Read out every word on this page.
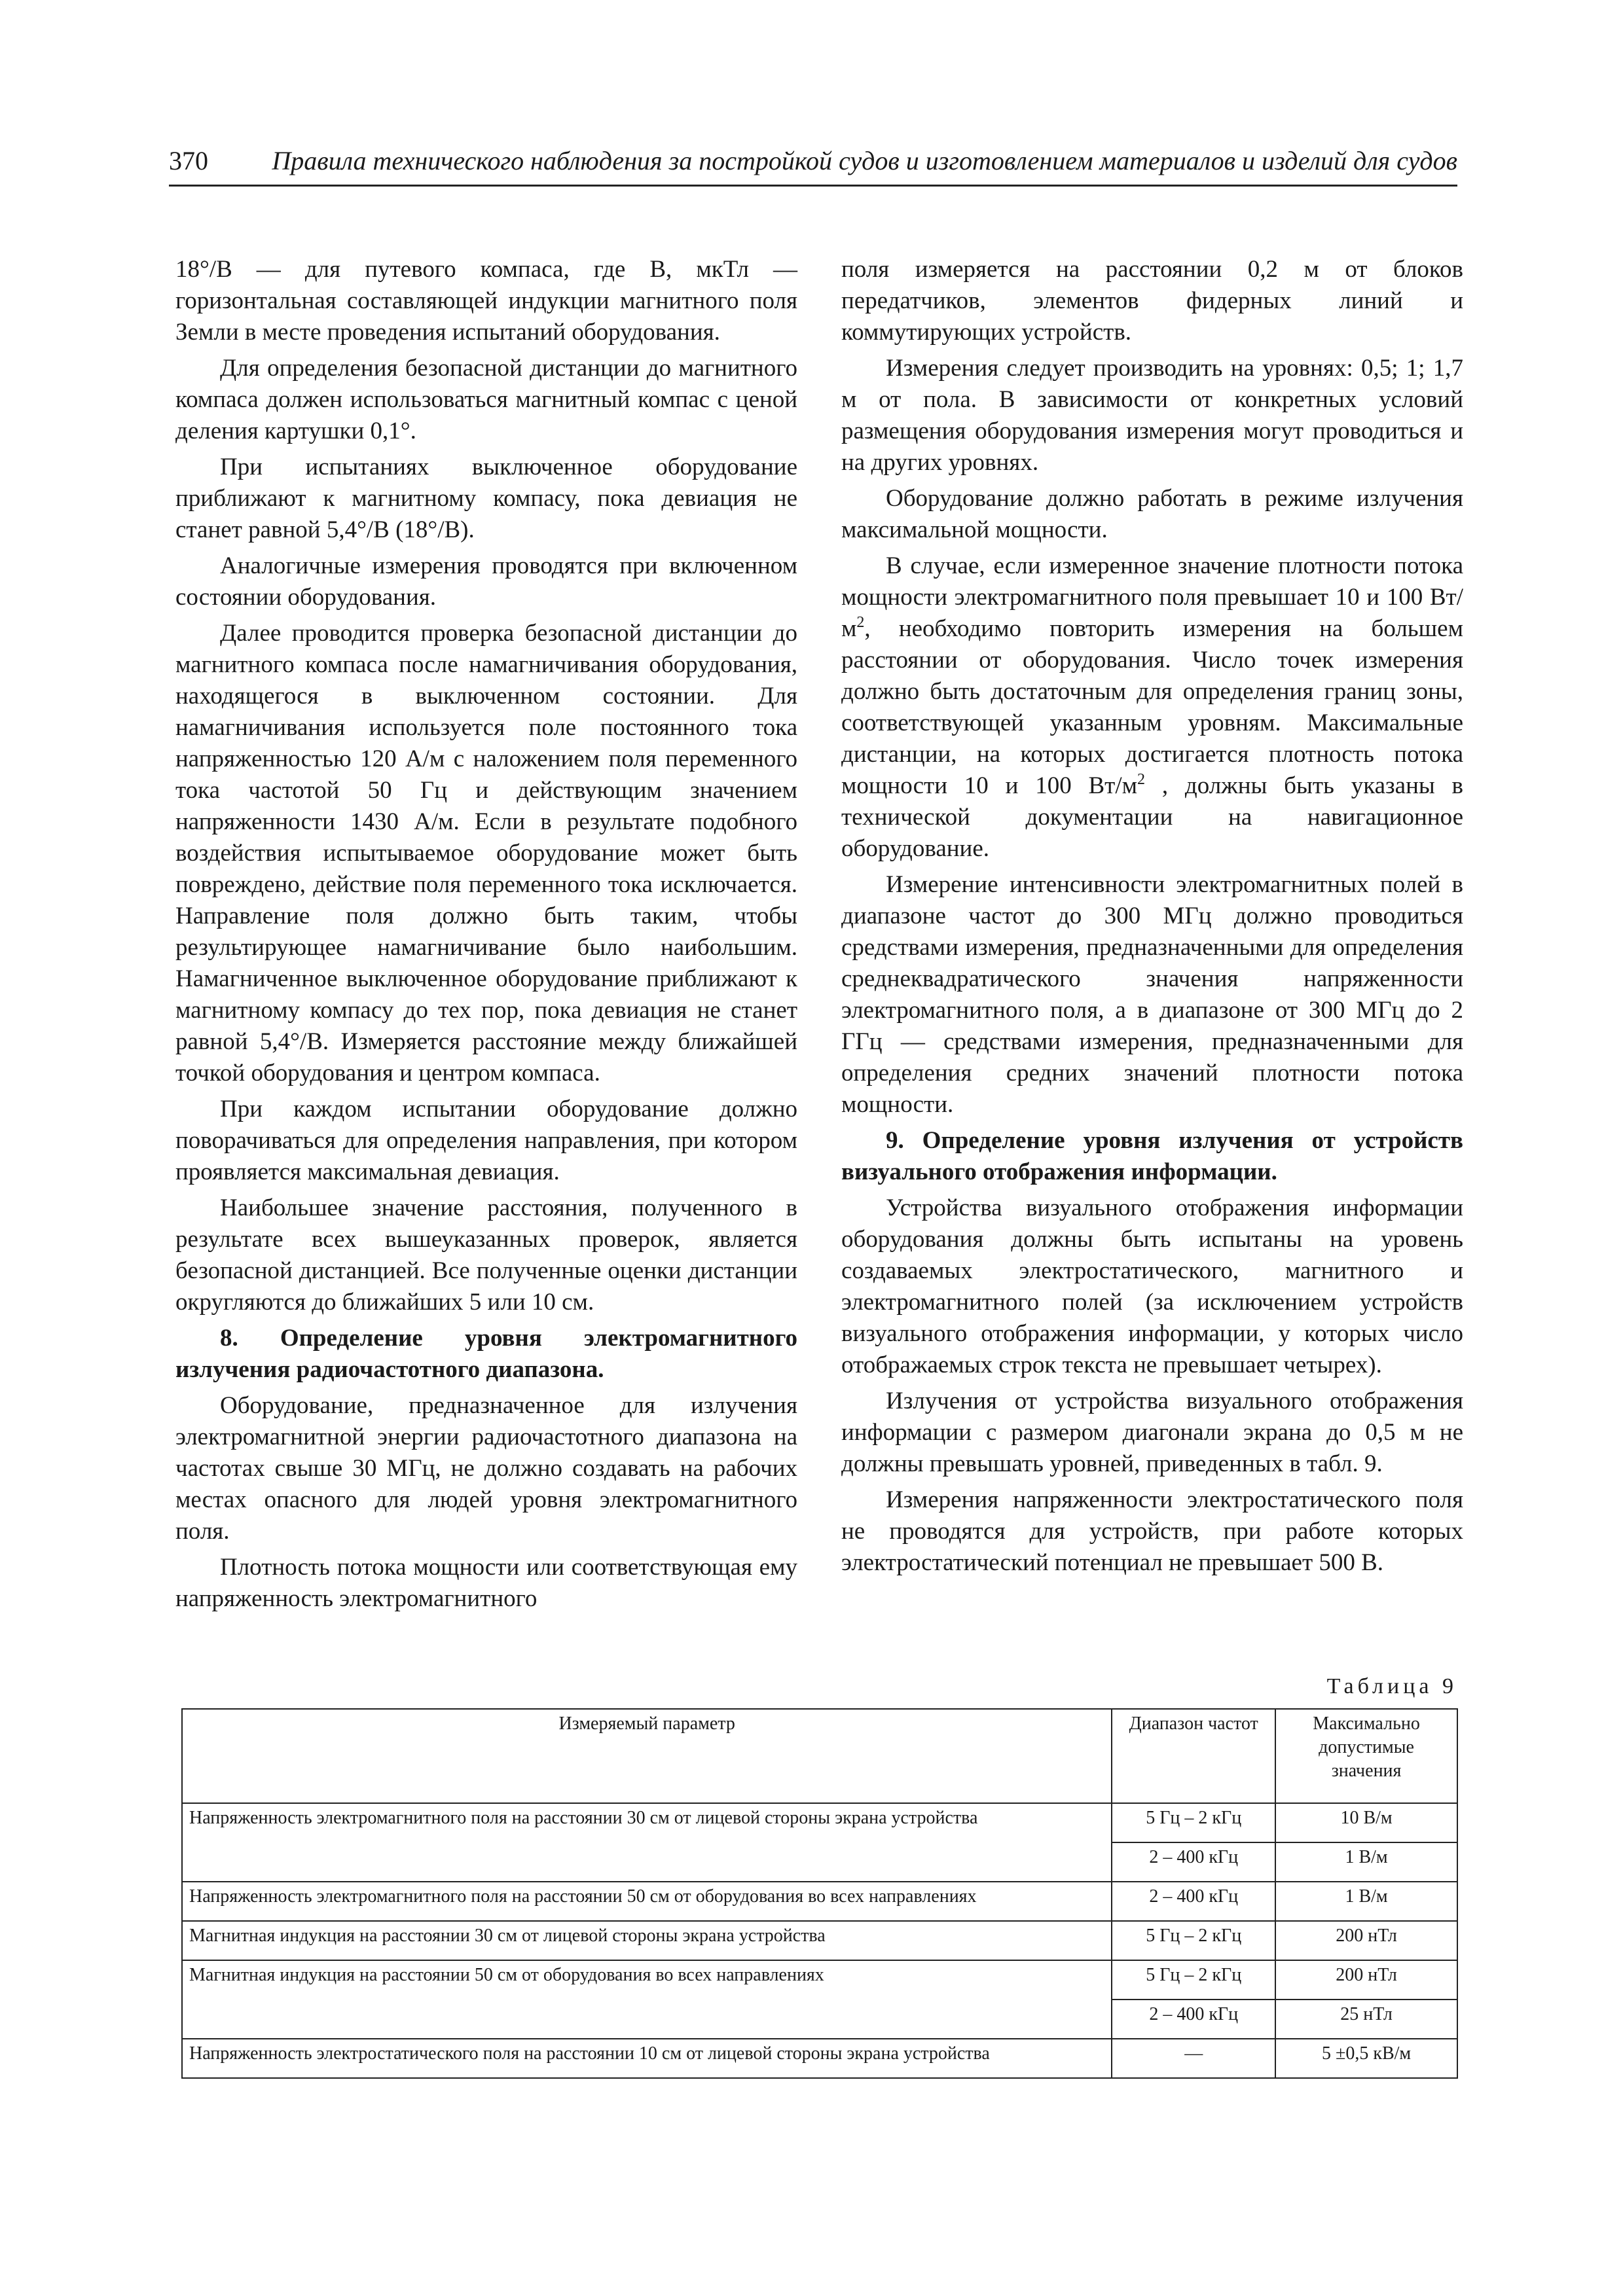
370 Правила технического наблюдения за постройкой судов и изготовлением материалов и изделий для судов

18°/B — для путевого компаса, где B, мкТл — горизонтальная составляющей индукции магнитного поля Земли в месте проведения испытаний оборудования.

Для определения безопасной дистанции до магнитного компаса должен использоваться магнитный компас с ценой деления картушки 0,1°.

При испытаниях выключенное оборудование приближают к магнитному компасу, пока девиация не станет равной 5,4°/B (18°/B).

Аналогичные измерения проводятся при включенном состоянии оборудования.

Далее проводится проверка безопасной дистанции до магнитного компаса после намагничивания оборудования, находящегося в выключенном состоянии. Для намагничивания используется поле постоянного тока напряженностью 120 А/м с наложением поля переменного тока частотой 50 Гц и действующим значением напряженности 1430 А/м. Если в результате подобного воздействия испытываемое оборудование может быть повреждено, действие поля переменного тока исключается. Направление поля должно быть таким, чтобы результирующее намагничивание было наибольшим. Намагниченное выключенное оборудование приближают к магнитному компасу до тех пор, пока девиация не станет равной 5,4°/B. Измеряется расстояние между ближайшей точкой оборудования и центром компаса.

При каждом испытании оборудование должно поворачиваться для определения направления, при котором проявляется максимальная девиация.

Наибольшее значение расстояния, полученного в результате всех вышеуказанных проверок, является безопасной дистанцией. Все полученные оценки дистанции округляются до ближайших 5 или 10 см.

8. Определение уровня электромагнитного излучения радиочастотного диапазона.

Оборудование, предназначенное для излучения электромагнитной энергии радиочастотного диапазона на частотах свыше 30 МГц, не должно создавать на рабочих местах опасного для людей уровня электромагнитного поля.

Плотность потока мощности или соответствующая ему напряженность электромагнитного

поля измеряется на расстоянии 0,2 м от блоков передатчиков, элементов фидерных линий и коммутирующих устройств.

Измерения следует производить на уровнях: 0,5; 1; 1,7 м от пола. В зависимости от конкретных условий размещения оборудования измерения могут проводиться и на других уровнях.

Оборудование должно работать в режиме излучения максимальной мощности.

В случае, если измеренное значение плотности потока мощности электромагнитного поля превышает 10 и 100 $Вт/м^2$, необходимо повторить измерения на большем расстоянии от оборудования. Число точек измерения должно быть достаточным для определения границ зоны, соответствующей указанным уровням. Максимальные дистанции, на которых достигается плотность потока мощности 10 и 100 $Вт/м^2$ , должны быть указаны в технической документации на навигационное оборудование.

Измерение интенсивности электромагнитных полей в диапазоне частот до 300 МГц должно проводиться средствами измерения, предназначенными для определения среднеквадратического значения напряженности электромагнитного поля, а в диапазоне от 300 МГц до 2 ГГц — средствами измерения, предназначенными для определения средних значений плотности потока мощности.

9. Определение уровня излучения от устройств визуального отображения информации.

Устройства визуального отображения информации оборудования должны быть испытаны на уровень создаваемых электростатического, магнитного и электромагнитного полей (за исключением устройств визуального отображения информации, у которых число отображаемых строк текста не превышает четырех).

Излучения от устройства визуального отображения информации с размером диагонали экрана до 0,5 м не должны превышать уровней, приведенных в табл. 9.

Измерения напряженности электростатического поля не проводятся для устройств, при работе которых электростатический потенциал не превышает 500 В.

Таблица 9
Измеряемый параметр	Диапазон частот	Максимально допустимые значения
Напряженность электромагнитного поля на расстоянии 30 см от лицевой стороны экрана устройства	5 Гц – 2 кГц	10 В/м
	2 – 400 кГц	1 В/м
Напряженность электромагнитного поля на расстоянии 50 см от оборудования во всех направлениях	2 – 400 кГц	1 В/м
Магнитная индукция на расстоянии 30 см от лицевой стороны экрана устройства	5 Гц – 2 кГц	200 нТл
Магнитная индукция на расстоянии 50 см от оборудования во всех направлениях	5 Гц – 2 кГц	200 нТл
	2 – 400 кГц	25 нТл
Напряженность электростатического поля на расстоянии 10 см от лицевой стороны экрана устройства	—	5 ±0,5 кВ/м
